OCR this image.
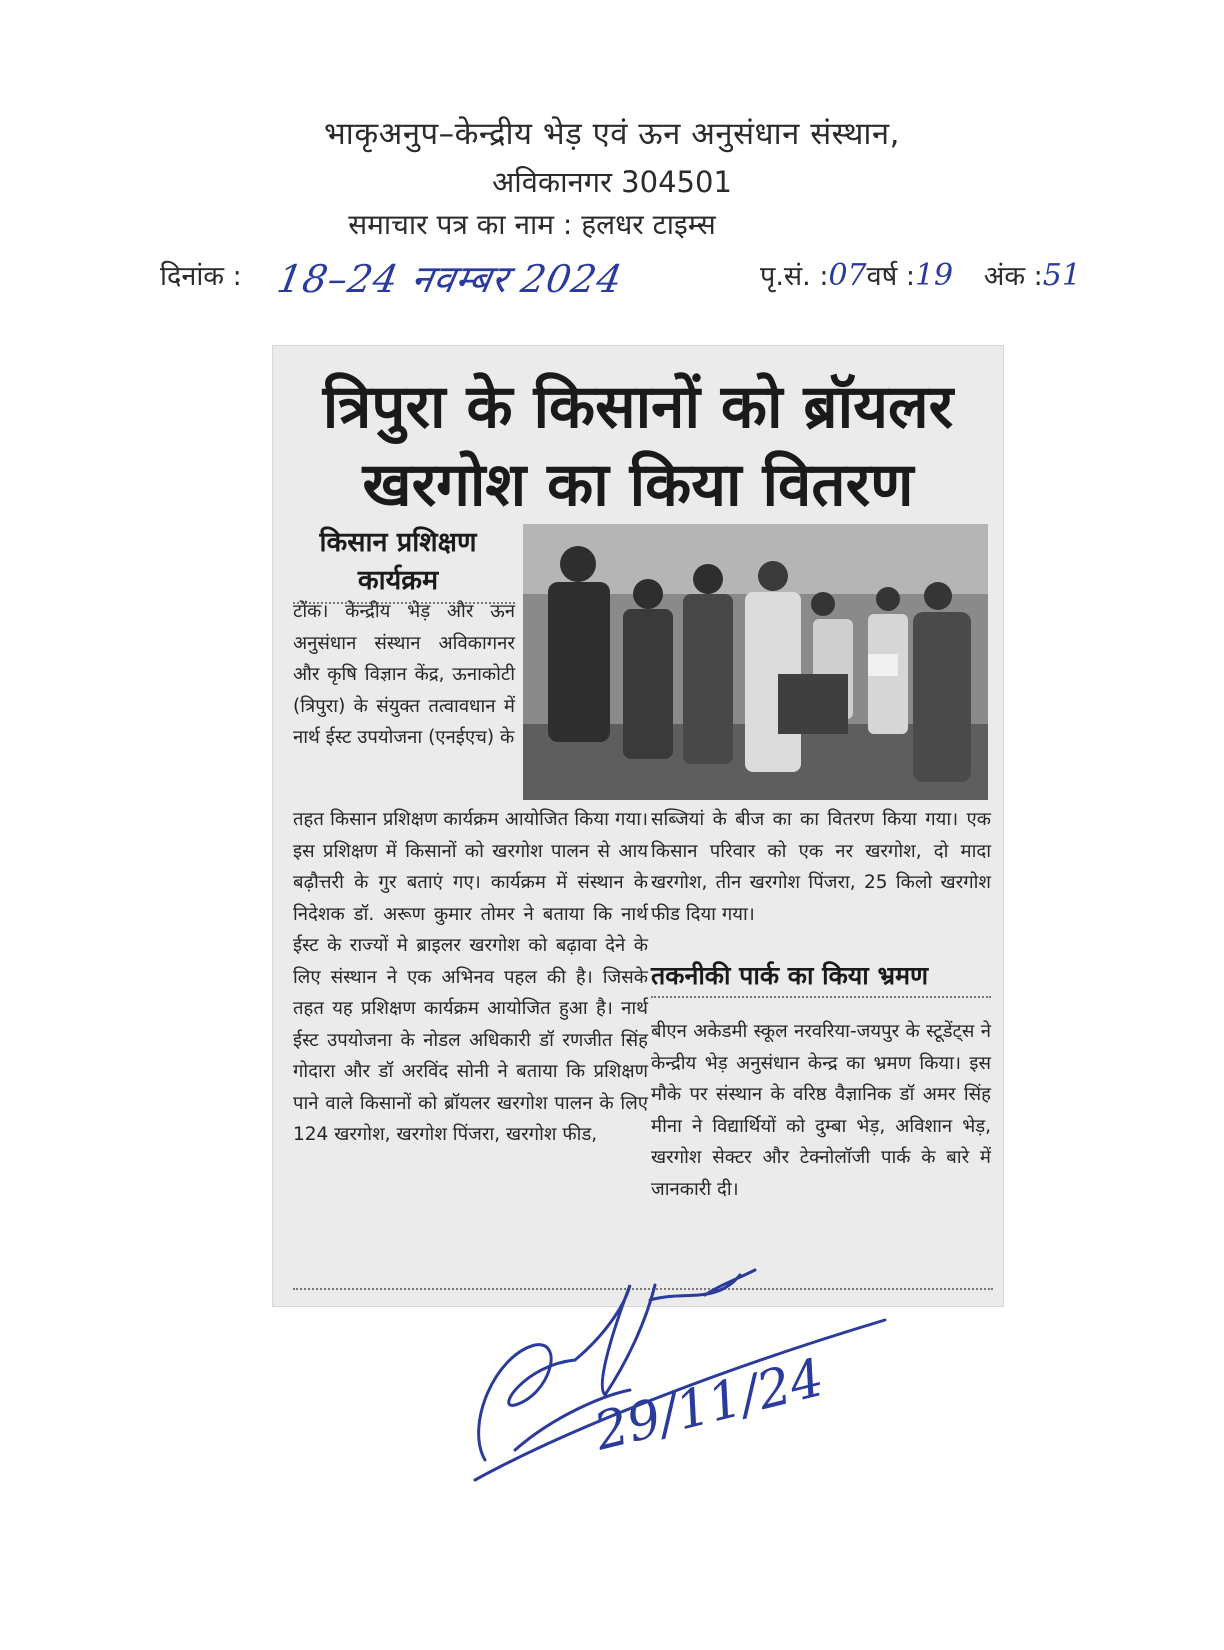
भाकृअनुप–केन्द्रीय भेड़ एवं ऊन अनुसंधान संस्थान,
अविकानगर 304501
समाचार पत्र का नाम : हलधर टाइम्स
दिनांक : 18–24 नवम्बर 2024	पृ.सं. :07वर्ष :19 अंक :51
त्रिपुरा के किसानों को ब्रॉयलर
खरगोश का किया वितरण
किसान प्रशिक्षण
कार्यक्रम
टोंक। केन्द्रीय भेड़ और ऊन अनुसंधान संस्थान अविकागनर और कृषि विज्ञान केंद्र, ऊनाकोटी (त्रिपुरा) के संयुक्त तत्वावधान में नार्थ ईस्ट उपयोजना (एनईएच) के
तहत किसान प्रशिक्षण कार्यक्रम आयोजित किया गया। इस प्रशिक्षण में किसानों को खरगोश पालन से आय बढ़ौत्तरी के गुर बताएं गए। कार्यक्रम में संस्थान के निदेशक डॉ. अरूण कुमार तोमर ने बताया कि नार्थ ईस्ट के राज्यों मे ब्राइलर खरगोश को बढ़ावा देने के लिए संस्थान ने एक अभिनव पहल की है। जिसके तहत यह प्रशिक्षण कार्यक्रम आयोजित हुआ है। नार्थ ईस्ट उपयोजना के नोडल अधिकारी डॉ रणजीत सिंह गोदारा और डॉ अरविंद सोनी ने बताया कि प्रशिक्षण पाने वाले किसानों को ब्रॉयलर खरगोश पालन के लिए 124 खरगोश, खरगोश पिंजरा, खरगोश फीड,
सब्जियां के बीज का का वितरण किया गया। एक किसान परिवार को एक नर खरगोश, दो मादा खरगोश, तीन खरगोश पिंजरा, 25 किलो खरगोश फीड दिया गया।
तकनीकी पार्क का किया भ्रमण
बीएन अकेडमी स्कूल नरवरिया-जयपुर के स्टूडेंट्स ने केन्द्रीय भेड़ अनुसंधान केन्द्र का भ्रमण किया। इस मौके पर संस्थान के वरिष्ठ वैज्ञानिक डॉ अमर सिंह मीना ने विद्यार्थियों को दुम्बा भेड़, अविशान भेड़, खरगोश सेक्टर और टेक्नोलॉजी पार्क के बारे में जानकारी दी।
29/11/24
